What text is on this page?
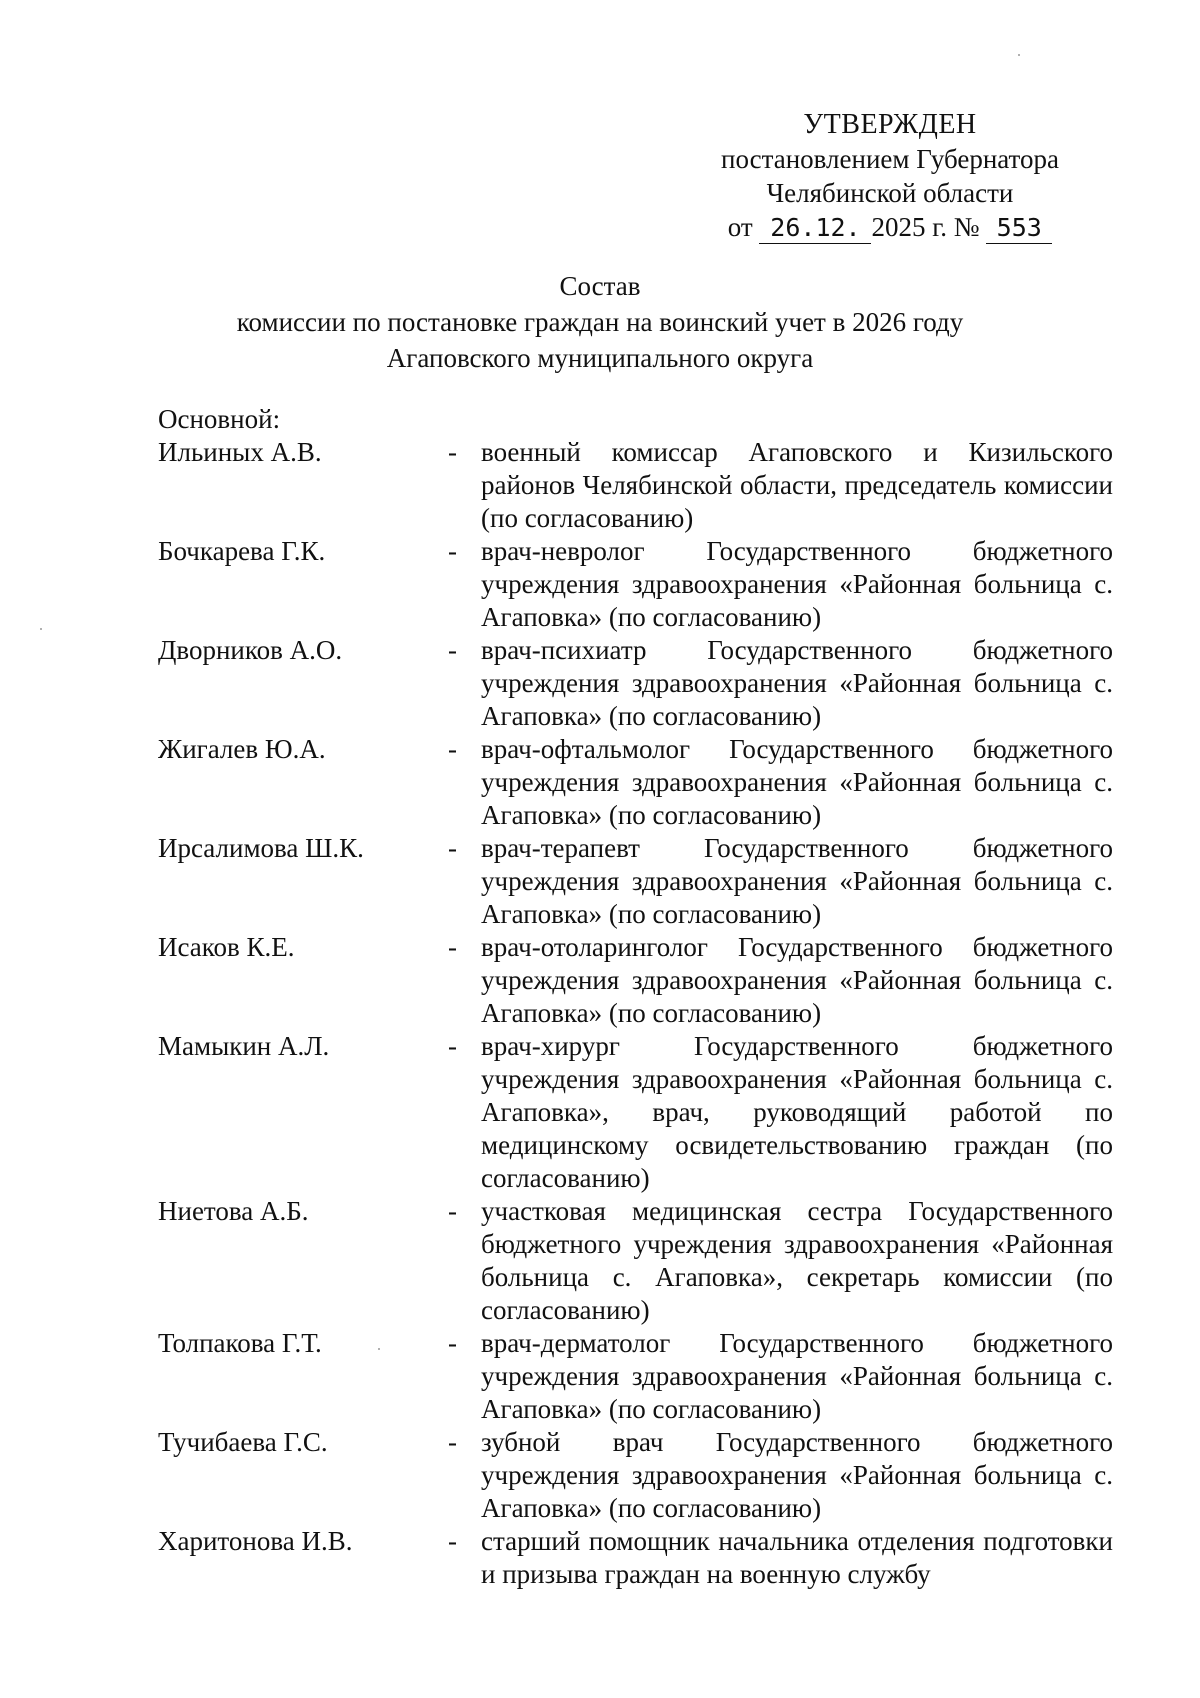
УТВЕРЖДЕН
постановлением Губернатора
Челябинской области
от 26.12. 2025 г. № 553
Состав
комиссии по постановке граждан на воинский учет в 2026 году
Агаповского муниципального округа
Основной:
Ильиных А.В.	- военный комиссар Агаповского и Кизильского районов Челябинской области, председатель комиссии (по согласованию)
Бочкарева Г.К.	- врач-невролог Государственного бюджетного учреждения здравоохранения «Районная больница с. Агаповка» (по согласованию)
Дворников А.О.	- врач-психиатр Государственного бюджетного учреждения здравоохранения «Районная больница с. Агаповка» (по согласованию)
Жигалев Ю.А.	- врач-офтальмолог Государственного бюджетного учреждения здравоохранения «Районная больница с. Агаповка» (по согласованию)
Ирсалимова Ш.К.	- врач-терапевт Государственного бюджетного учреждения здравоохранения «Районная больница с. Агаповка» (по согласованию)
Исаков К.Е.	- врач-отоларинголог Государственного бюджетного учреждения здравоохранения «Районная больница с. Агаповка» (по согласованию)
Мамыкин А.Л.	- врач-хирург Государственного бюджетного учреждения здравоохранения «Районная больница с. Агаповка», врач, руководящий работой по медицинскому освидетельствованию граждан (по согласованию)
Ниетова А.Б.	- участковая медицинская сестра Государственного бюджетного учреждения здравоохранения «Районная больница с. Агаповка», секретарь комиссии (по согласованию)
Толпакова Г.Т.	- врач-дерматолог Государственного бюджетного учреждения здравоохранения «Районная больница с. Агаповка» (по согласованию)
Тучибаева Г.С.	- зубной врач Государственного бюджетного учреждения здравоохранения «Районная больница с. Агаповка» (по согласованию)
Харитонова И.В.	- старший помощник начальника отделения подготовки и призыва граждан на военную службу
